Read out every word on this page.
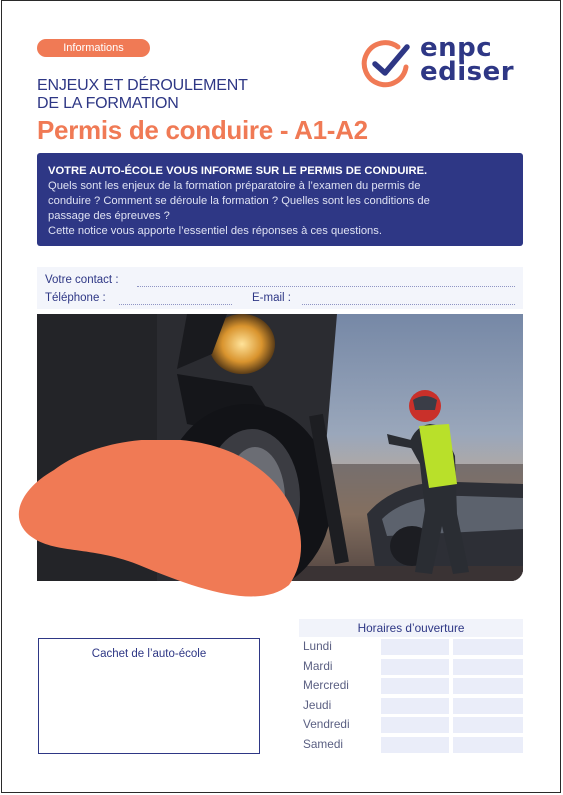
Informations	enpc
ediser
ENJEUX ET DÉROULEMENT
DE LA FORMATION
Permis de conduire - A1-A2
VOTRE AUTO-ÉCOLE VOUS INFORME SUR LE PERMIS DE CONDUIRE.
Quels sont les enjeux de la formation préparatoire à l’examen du permis de
conduire ? Comment se déroule la formation ? Quelles sont les conditions de
passage des épreuves ?
Cette notice vous apporte l’essentiel des réponses à ces questions.
Votre contact :
Téléphone :	E-mail :
Cachet de l’auto-école
Horaires d’ouverture
Lundi
Mardi
Mercredi
Jeudi
Vendredi
Samedi
